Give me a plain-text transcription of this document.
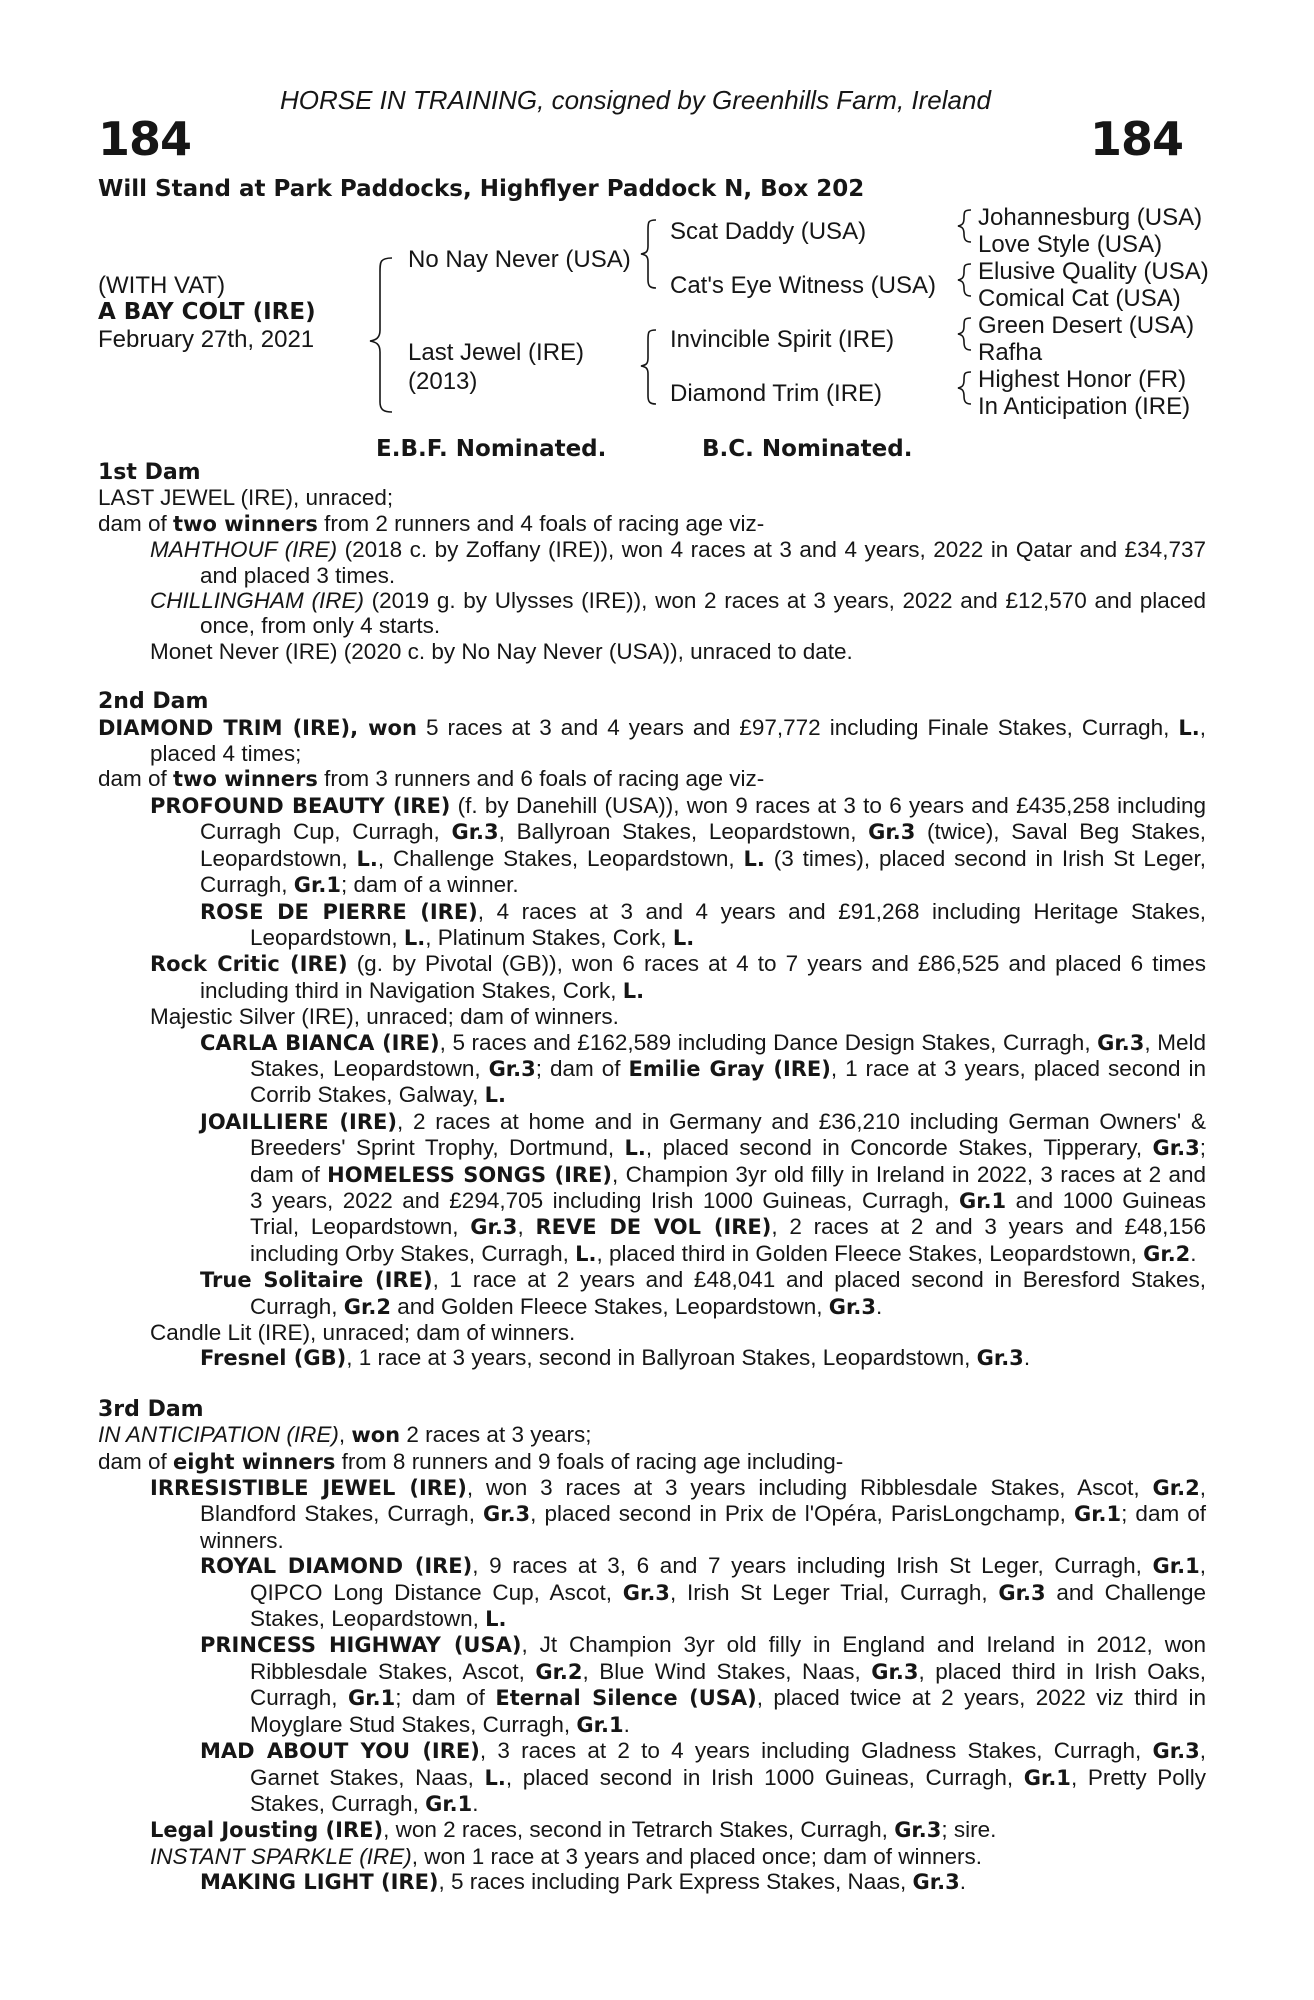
HORSE IN TRAINING, consigned by Greenhills Farm, Ireland
184	184
Will Stand at Park Paddocks, Highflyer Paddock N, Box 202
(WITH VAT)
A BAY COLT (IRE)
February 27th, 2021
No Nay Never (USA)
Last Jewel (IRE)
(2013)
Scat Daddy (USA)
Cat's Eye Witness (USA)
Invincible Spirit (IRE)
Diamond Trim (IRE)
Johannesburg (USA)
Love Style (USA)
Elusive Quality (USA)
Comical Cat (USA)
Green Desert (USA)
Rafha
Highest Honor (FR)
In Anticipation (IRE)
E.B.F. Nominated.	B.C. Nominated.
1st Dam
LAST JEWEL (IRE), unraced;
dam of two winners from 2 runners and 4 foals of racing age viz-
MAHTHOUF (IRE) (2018 c. by Zoffany (IRE)), won 4 races at 3 and 4 years, 2022 in Qatar and £34,737 and placed 3 times.
CHILLINGHAM (IRE) (2019 g. by Ulysses (IRE)), won 2 races at 3 years, 2022 and £12,570 and placed once, from only 4 starts.
Monet Never (IRE) (2020 c. by No Nay Never (USA)), unraced to date.
2nd Dam
DIAMOND TRIM (IRE), won 5 races at 3 and 4 years and £97,772 including Finale Stakes, Curragh, L., placed 4 times;
dam of two winners from 3 runners and 6 foals of racing age viz-
PROFOUND BEAUTY (IRE) (f. by Danehill (USA)), won 9 races at 3 to 6 years and £435,258 including Curragh Cup, Curragh, Gr.3, Ballyroan Stakes, Leopardstown, Gr.3 (twice), Saval Beg Stakes, Leopardstown, L., Challenge Stakes, Leopardstown, L. (3 times), placed second in Irish St Leger, Curragh, Gr.1; dam of a winner.
ROSE DE PIERRE (IRE), 4 races at 3 and 4 years and £91,268 including Heritage Stakes, Leopardstown, L., Platinum Stakes, Cork, L.
Rock Critic (IRE) (g. by Pivotal (GB)), won 6 races at 4 to 7 years and £86,525 and placed 6 times including third in Navigation Stakes, Cork, L.
Majestic Silver (IRE), unraced; dam of winners.
CARLA BIANCA (IRE), 5 races and £162,589 including Dance Design Stakes, Curragh, Gr.3, Meld Stakes, Leopardstown, Gr.3; dam of Emilie Gray (IRE), 1 race at 3 years, placed second in Corrib Stakes, Galway, L.
JOAILLIERE (IRE), 2 races at home and in Germany and £36,210 including German Owners' & Breeders' Sprint Trophy, Dortmund, L., placed second in Concorde Stakes, Tipperary, Gr.3; dam of HOMELESS SONGS (IRE), Champion 3yr old filly in Ireland in 2022, 3 races at 2 and 3 years, 2022 and £294,705 including Irish 1000 Guineas, Curragh, Gr.1 and 1000 Guineas Trial, Leopardstown, Gr.3, REVE DE VOL (IRE), 2 races at 2 and 3 years and £48,156 including Orby Stakes, Curragh, L., placed third in Golden Fleece Stakes, Leopardstown, Gr.2.
True Solitaire (IRE), 1 race at 2 years and £48,041 and placed second in Beresford Stakes, Curragh, Gr.2 and Golden Fleece Stakes, Leopardstown, Gr.3.
Candle Lit (IRE), unraced; dam of winners.
Fresnel (GB), 1 race at 3 years, second in Ballyroan Stakes, Leopardstown, Gr.3.
3rd Dam
IN ANTICIPATION (IRE), won 2 races at 3 years;
dam of eight winners from 8 runners and 9 foals of racing age including-
IRRESISTIBLE JEWEL (IRE), won 3 races at 3 years including Ribblesdale Stakes, Ascot, Gr.2, Blandford Stakes, Curragh, Gr.3, placed second in Prix de l'Opéra, ParisLongchamp, Gr.1; dam of winners.
ROYAL DIAMOND (IRE), 9 races at 3, 6 and 7 years including Irish St Leger, Curragh, Gr.1, QIPCO Long Distance Cup, Ascot, Gr.3, Irish St Leger Trial, Curragh, Gr.3 and Challenge Stakes, Leopardstown, L.
PRINCESS HIGHWAY (USA), Jt Champion 3yr old filly in England and Ireland in 2012, won Ribblesdale Stakes, Ascot, Gr.2, Blue Wind Stakes, Naas, Gr.3, placed third in Irish Oaks, Curragh, Gr.1; dam of Eternal Silence (USA), placed twice at 2 years, 2022 viz third in Moyglare Stud Stakes, Curragh, Gr.1.
MAD ABOUT YOU (IRE), 3 races at 2 to 4 years including Gladness Stakes, Curragh, Gr.3, Garnet Stakes, Naas, L., placed second in Irish 1000 Guineas, Curragh, Gr.1, Pretty Polly Stakes, Curragh, Gr.1.
Legal Jousting (IRE), won 2 races, second in Tetrarch Stakes, Curragh, Gr.3; sire.
INSTANT SPARKLE (IRE), won 1 race at 3 years and placed once; dam of winners.
MAKING LIGHT (IRE), 5 races including Park Express Stakes, Naas, Gr.3.
